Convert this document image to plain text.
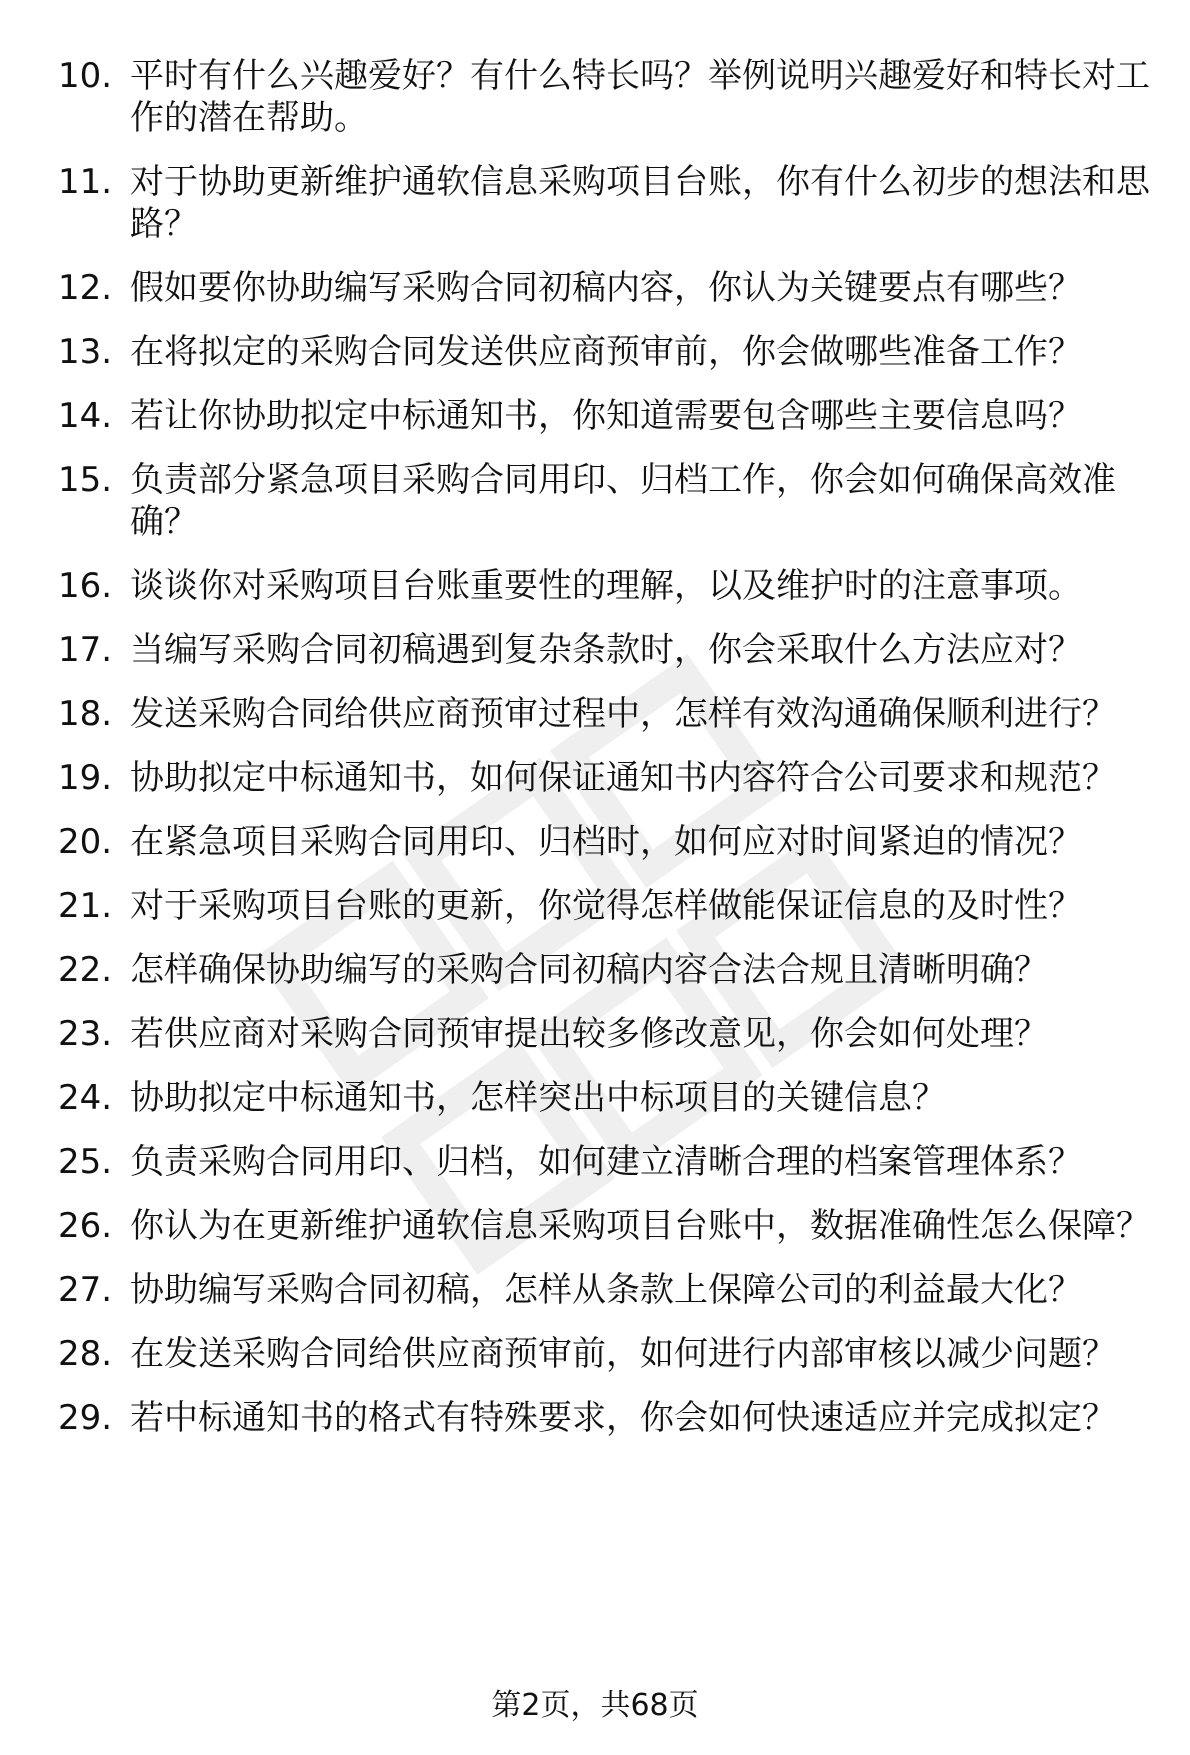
10. 平时有什么兴趣爱好？有什么特长吗？举例说明兴趣爱好和特长对工作的潜在帮助。
11. 对于协助更新维护通软信息采购项目台账，你有什么初步的想法和思路？
12. 假如要你协助编写采购合同初稿内容，你认为关键要点有哪些？
13. 在将拟定的采购合同发送供应商预审前，你会做哪些准备工作？
14. 若让你协助拟定中标通知书，你知道需要包含哪些主要信息吗？
15. 负责部分紧急项目采购合同用印、归档工作，你会如何确保高效准确？
16. 谈谈你对采购项目台账重要性的理解，以及维护时的注意事项。
17. 当编写采购合同初稿遇到复杂条款时，你会采取什么方法应对？
18. 发送采购合同给供应商预审过程中，怎样有效沟通确保顺利进行？
19. 协助拟定中标通知书，如何保证通知书内容符合公司要求和规范？
20. 在紧急项目采购合同用印、归档时，如何应对时间紧迫的情况？
21. 对于采购项目台账的更新，你觉得怎样做能保证信息的及时性？
22. 怎样确保协助编写的采购合同初稿内容合法合规且清晰明确？
23. 若供应商对采购合同预审提出较多修改意见，你会如何处理？
24. 协助拟定中标通知书，怎样突出中标项目的关键信息？
25. 负责采购合同用印、归档，如何建立清晰合理的档案管理体系？
26. 你认为在更新维护通软信息采购项目台账中，数据准确性怎么保障？
27. 协助编写采购合同初稿，怎样从条款上保障公司的利益最大化？
28. 在发送采购合同给供应商预审前，如何进行内部审核以减少问题？
29. 若中标通知书的格式有特殊要求，你会如何快速适应并完成拟定？
第2页，共68页
